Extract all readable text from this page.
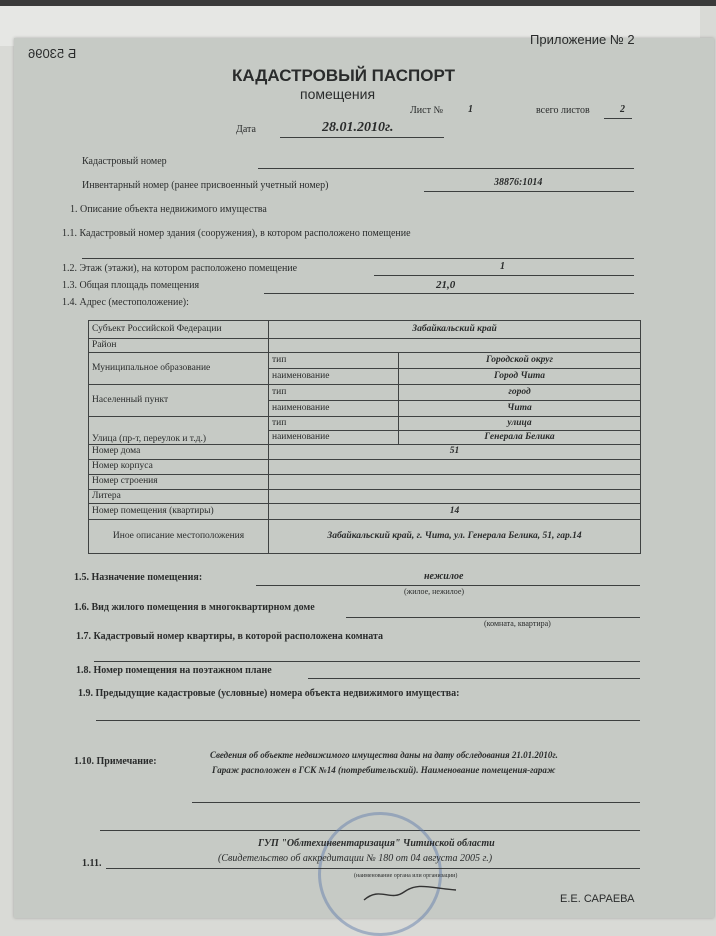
Б 53096
Приложение № 2
КАДАСТРОВЫЙ ПАСПОРТ
помещения
Лист №	1	всего листов	2
Дата	28.01.2010г.
Кадастровый номер
Инвентарный номер (ранее присвоенный учетный номер)	38876:1014
1. Описание объекта недвижимого имущества
1.1. Кадастровый номер здания (сооружения), в котором расположено помещение
1.2. Этаж (этажи), на котором расположено помещение	1
1.3. Общая площадь помещения	21,0
1.4. Адрес (местоположение):
Субъект Российской Федерации	Забайкальский край	
Район		
Муниципальное образование	тип	Городской округ
	наименование	Город Чита
Населенный пункт	тип	город
	наименование	Чита
Улица (пр-т, переулок и т.д.)	тип	улица
	наименование	Генерала Белика
Номер дома	51	
Номер корпуса		
Номер строения		
Литера		
Номер помещения (квартиры)	14	
Иное описание местоположения	Забайкальский край, г. Чита, ул. Генерала Белика, 51, гар.14	
1.5. Назначение помещения:	нежилое
(жилое, нежилое)
1.6. Вид жилого помещения в многоквартирном доме
(комната, квартира)
1.7. Кадастровый номер квартиры, в которой расположена комната
1.8. Номер помещения на поэтажном плане
1.9. Предыдущие кадастровые (условные) номера объекта недвижимого имущества:
1.10. Примечание:
Сведения об объекте недвижимого имущества даны на дату обследования 21.01.2010г.
Гараж расположен в ГСК №14 (потребительский). Наименование помещения-гараж
ГУП "Облтехинвентаризация" Читинской области
(Свидетельство об аккредитации № 180 от 04 августа 2005 г.)
1.11.
(наименование органа или организации)
Е.Е. САРАЕВА
